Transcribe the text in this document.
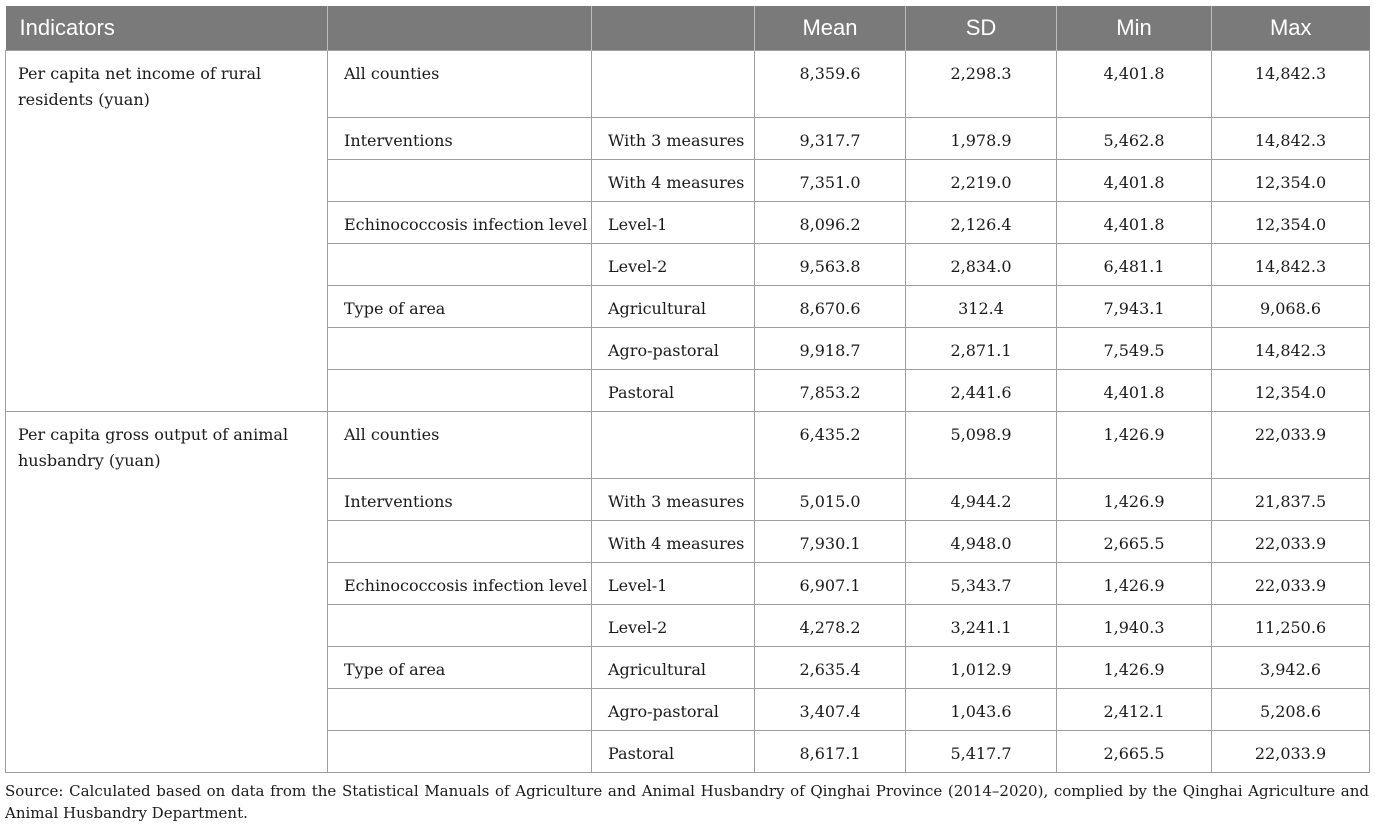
Indicators			Mean	SD	Min	Max
Per capita net income of rural residents (yuan)	All counties		8,359.6	2,298.3	4,401.8	14,842.3
	Interventions	With 3 measures	9,317.7	1,978.9	5,462.8	14,842.3
		With 4 measures	7,351.0	2,219.0	4,401.8	12,354.0
	Echinococcosis infection level	Level-1	8,096.2	2,126.4	4,401.8	12,354.0
		Level-2	9,563.8	2,834.0	6,481.1	14,842.3
	Type of area	Agricultural	8,670.6	312.4	7,943.1	9,068.6
		Agro-pastoral	9,918.7	2,871.1	7,549.5	14,842.3
		Pastoral	7,853.2	2,441.6	4,401.8	12,354.0
Per capita gross output of animal husbandry (yuan)	All counties		6,435.2	5,098.9	1,426.9	22,033.9
	Interventions	With 3 measures	5,015.0	4,944.2	1,426.9	21,837.5
		With 4 measures	7,930.1	4,948.0	2,665.5	22,033.9
	Echinococcosis infection level	Level-1	6,907.1	5,343.7	1,426.9	22,033.9
		Level-2	4,278.2	3,241.1	1,940.3	11,250.6
	Type of area	Agricultural	2,635.4	1,012.9	1,426.9	3,942.6
		Agro-pastoral	3,407.4	1,043.6	2,412.1	5,208.6
		Pastoral	8,617.1	5,417.7	2,665.5	22,033.9
Source: Calculated based on data from the Statistical Manuals of Agriculture and Animal Husbandry of Qinghai Province (2014–2020), complied by the Qinghai Agriculture and Animal Husbandry Department.
